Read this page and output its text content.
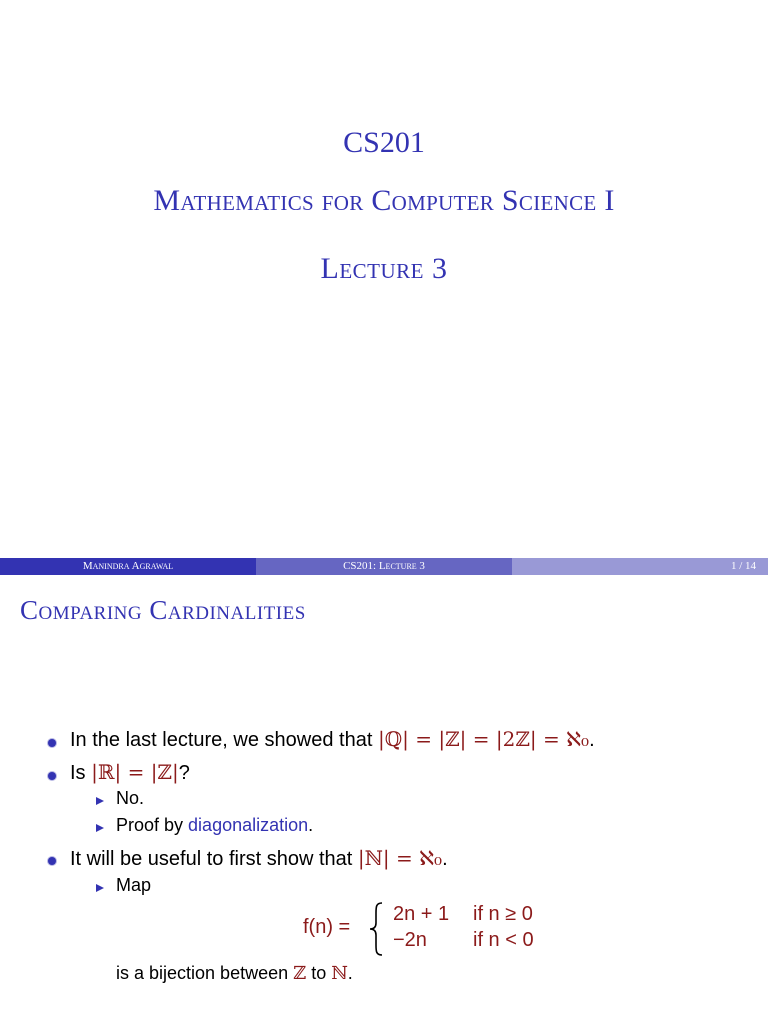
CS201
Mathematics for Computer Science I
Lecture 3
Manindra Agrawal	CS201: Lecture 3	1 / 14
Comparing Cardinalities
In the last lecture, we showed that |ℚ| = |ℤ| = |2ℤ| = ℵ₀.
Is |ℝ| = |ℤ|?
No.
Proof by diagonalization.
It will be useful to first show that |ℕ| = ℵ₀.
Map
f(n) =
2n + 1 if n ≥ 0
−2n if n < 0
is a bijection between ℤ to ℕ.
